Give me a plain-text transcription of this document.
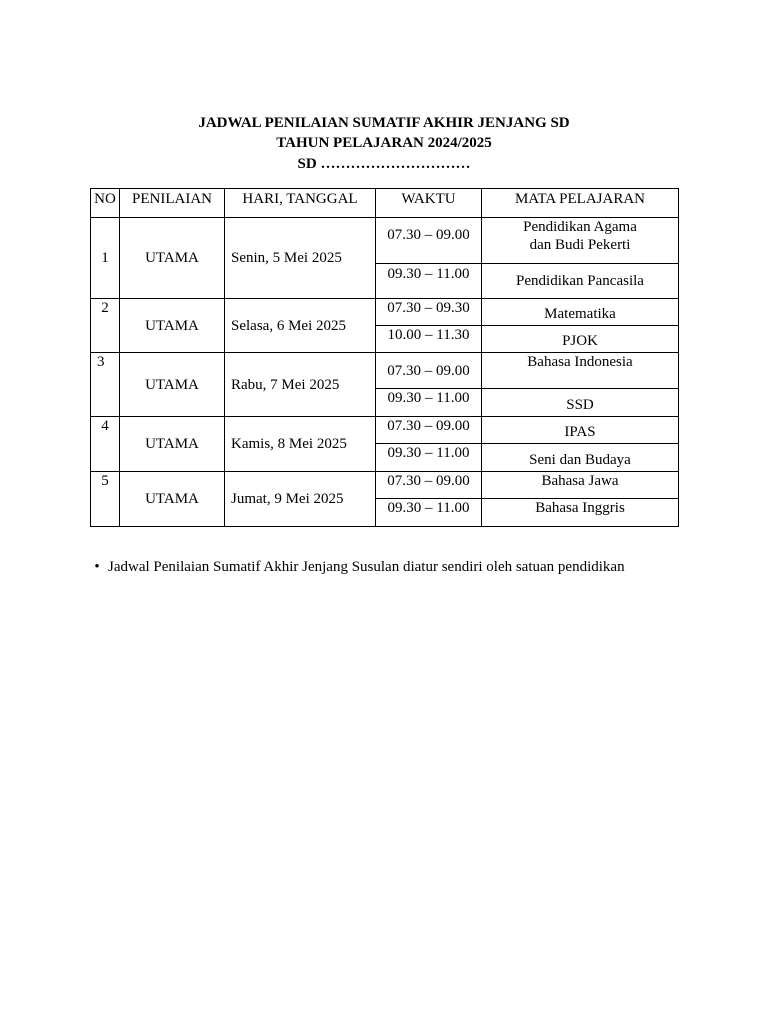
JADWAL PENILAIAN SUMATIF AKHIR JENJANG SD
TAHUN PELAJARAN 2024/2025
SD …………………………
NO	PENILAIAN	HARI, TANGGAL	WAKTU	MATA PELAJARAN
1	UTAMA	Senin, 5 Mei 2025	07.30 – 09.00	Pendidikan Agama
dan Budi Pekerti

			09.30 – 11.00	Pendidikan Pancasila
2	UTAMA	Selasa, 6 Mei 2025	07.30 – 09.30	Matematika
			10.00 – 11.30	PJOK
3	UTAMA	Rabu, 7 Mei 2025	07.30 – 09.00	Bahasa Indonesia
			09.30 – 11.00	SSD
4	UTAMA	Kamis, 8 Mei 2025	07.30 – 09.00	IPAS
			09.30 – 11.00	Seni dan Budaya
5	UTAMA	Jumat, 9 Mei 2025	07.30 – 09.00	Bahasa Jawa
			09.30 – 11.00	Bahasa Inggris
• Jadwal Penilaian Sumatif Akhir Jenjang Susulan diatur sendiri oleh satuan pendidikan
